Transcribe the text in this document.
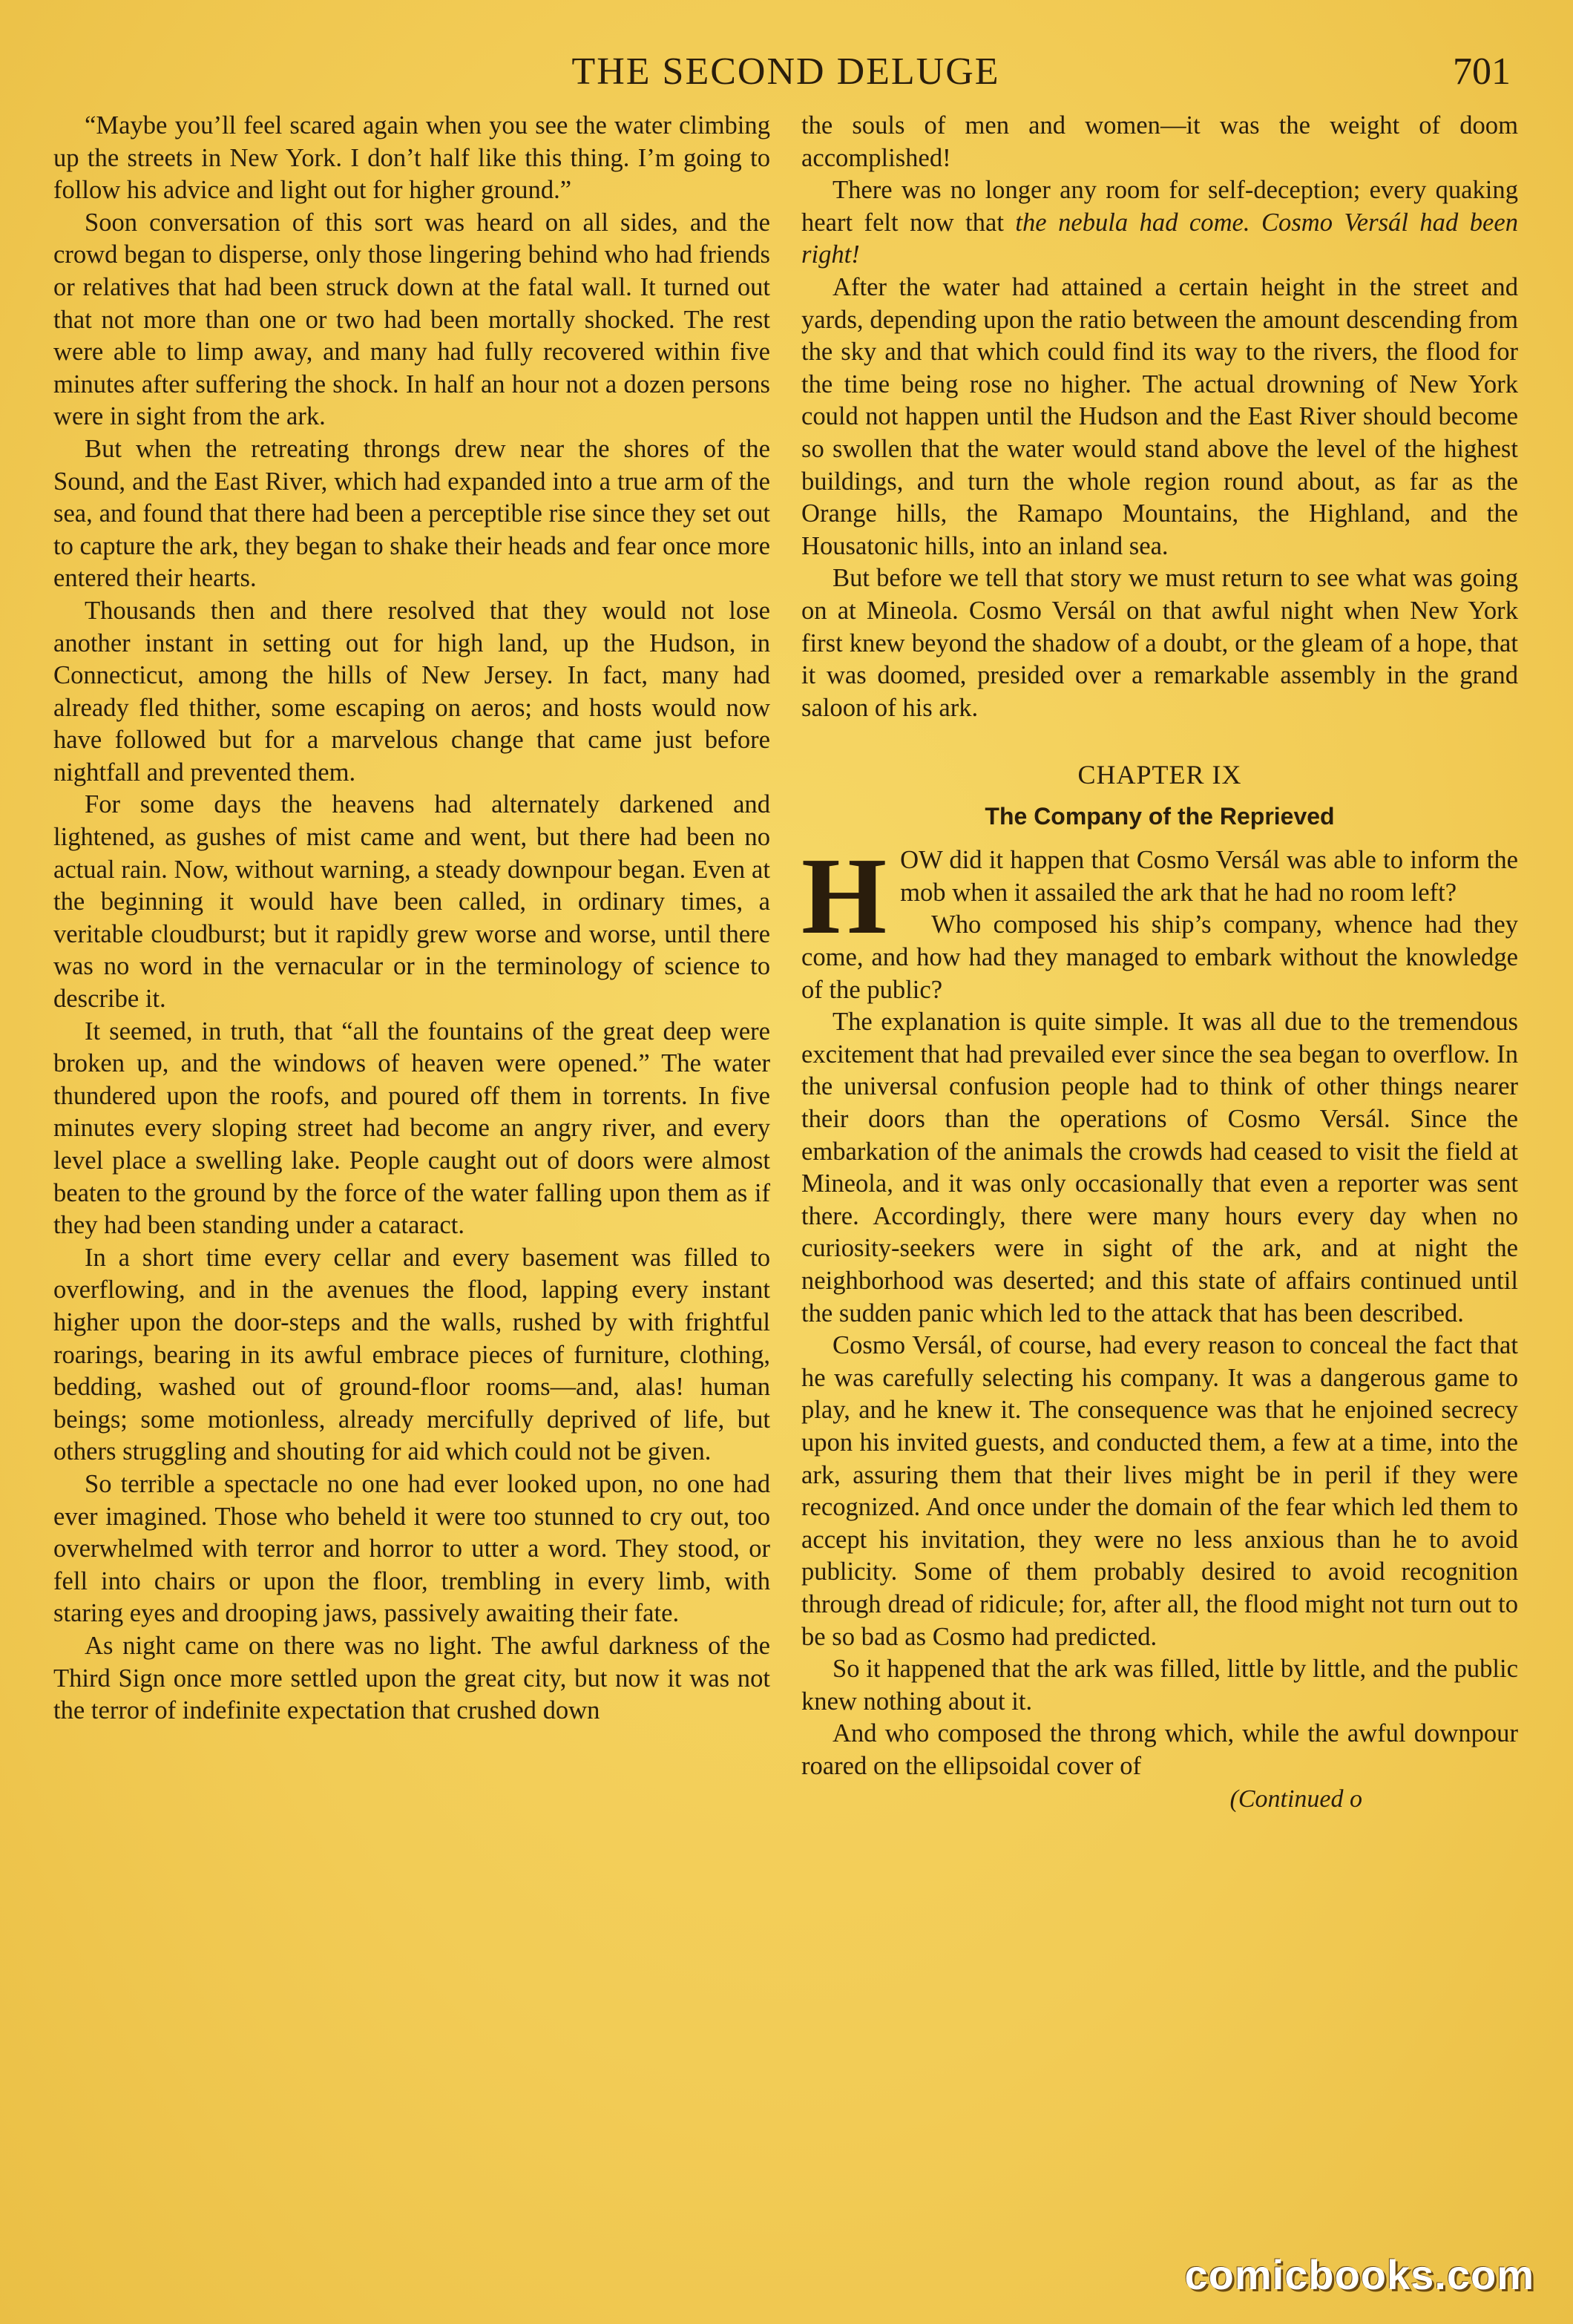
THE SECOND DELUGE	701

“Maybe you’ll feel scared again when you see the water climbing up the streets in New York. I don’t half like this thing. I’m going to follow his advice and light out for higher ground.”

Soon conversation of this sort was heard on all sides, and the crowd began to disperse, only those lingering behind who had friends or relatives that had been struck down at the fatal wall. It turned out that not more than one or two had been mortally shocked. The rest were able to limp away, and many had fully recovered within five minutes after suffering the shock. In half an hour not a dozen persons were in sight from the ark.

But when the retreating throngs drew near the shores of the Sound, and the East River, which had expanded into a true arm of the sea, and found that there had been a perceptible rise since they set out to capture the ark, they began to shake their heads and fear once more entered their hearts.

Thousands then and there resolved that they would not lose another instant in setting out for high land, up the Hudson, in Connecticut, among the hills of New Jersey. In fact, many had already fled thither, some escaping on aeros; and hosts would now have followed but for a marvelous change that came just before nightfall and prevented them.

For some days the heavens had alternately darkened and lightened, as gushes of mist came and went, but there had been no actual rain. Now, without warning, a steady downpour began. Even at the beginning it would have been called, in ordinary times, a veritable cloudburst; but it rapidly grew worse and worse, until there was no word in the vernacular or in the terminology of science to describe it.

It seemed, in truth, that “all the fountains of the great deep were broken up, and the windows of heaven were opened.” The water thundered upon the roofs, and poured off them in torrents. In five minutes every sloping street had become an angry river, and every level place a swelling lake. People caught out of doors were almost beaten to the ground by the force of the water falling upon them as if they had been standing under a cataract.

In a short time every cellar and every basement was filled to overflowing, and in the avenues the flood, lapping every instant higher upon the door-steps and the walls, rushed by with frightful roarings, bearing in its awful embrace pieces of furniture, clothing, bedding, washed out of ground-floor rooms—and, alas! human beings; some motionless, already mercifully deprived of life, but others struggling and shouting for aid which could not be given.

So terrible a spectacle no one had ever looked upon, no one had ever imagined. Those who beheld it were too stunned to cry out, too overwhelmed with terror and horror to utter a word. They stood, or fell into chairs or upon the floor, trembling in every limb, with staring eyes and drooping jaws, passively awaiting their fate.

As night came on there was no light. The awful darkness of the Third Sign once more settled upon the great city, but now it was not the terror of indefinite expectation that crushed down

the souls of men and women—it was the weight of doom accomplished!

There was no longer any room for self-deception; every quaking heart felt now that the nebula had come. Cosmo Versál had been right!

After the water had attained a certain height in the street and yards, depending upon the ratio between the amount descending from the sky and that which could find its way to the rivers, the flood for the time being rose no higher. The actual drowning of New York could not happen until the Hudson and the East River should become so swollen that the water would stand above the level of the highest buildings, and turn the whole region round about, as far as the Orange hills, the Ramapo Mountains, the Highland, and the Housatonic hills, into an inland sea.

But before we tell that story we must return to see what was going on at Mineola. Cosmo Versál on that awful night when New York first knew beyond the shadow of a doubt, or the gleam of a hope, that it was doomed, presided over a remarkable assembly in the grand saloon of his ark.

CHAPTER IX
The Company of the Reprieved

HOW did it happen that Cosmo Versál was able to inform the mob when it assailed the ark that he had no room left?

Who composed his ship’s company, whence had they come, and how had they managed to embark without the knowledge of the public?

The explanation is quite simple. It was all due to the tremendous excitement that had prevailed ever since the sea began to overflow. In the universal confusion people had to think of other things nearer their doors than the operations of Cosmo Versál. Since the embarkation of the animals the crowds had ceased to visit the field at Mineola, and it was only occasionally that even a reporter was sent there. Accordingly, there were many hours every day when no curiosity-seekers were in sight of the ark, and at night the neighborhood was deserted; and this state of affairs continued until the sudden panic which led to the attack that has been described.

Cosmo Versál, of course, had every reason to conceal the fact that he was carefully selecting his company. It was a dangerous game to play, and he knew it. The consequence was that he enjoined secrecy upon his invited guests, and conducted them, a few at a time, into the ark, assuring them that their lives might be in peril if they were recognized. And once under the domain of the fear which led them to accept his invitation, they were no less anxious than he to avoid publicity. Some of them probably desired to avoid recognition through dread of ridicule; for, after all, the flood might not turn out to be so bad as Cosmo had predicted.

So it happened that the ark was filled, little by little, and the public knew nothing about it.

And who composed the throng which, while the awful downpour roared on the ellipsoidal cover of

(Continued o
comicbooks.com
